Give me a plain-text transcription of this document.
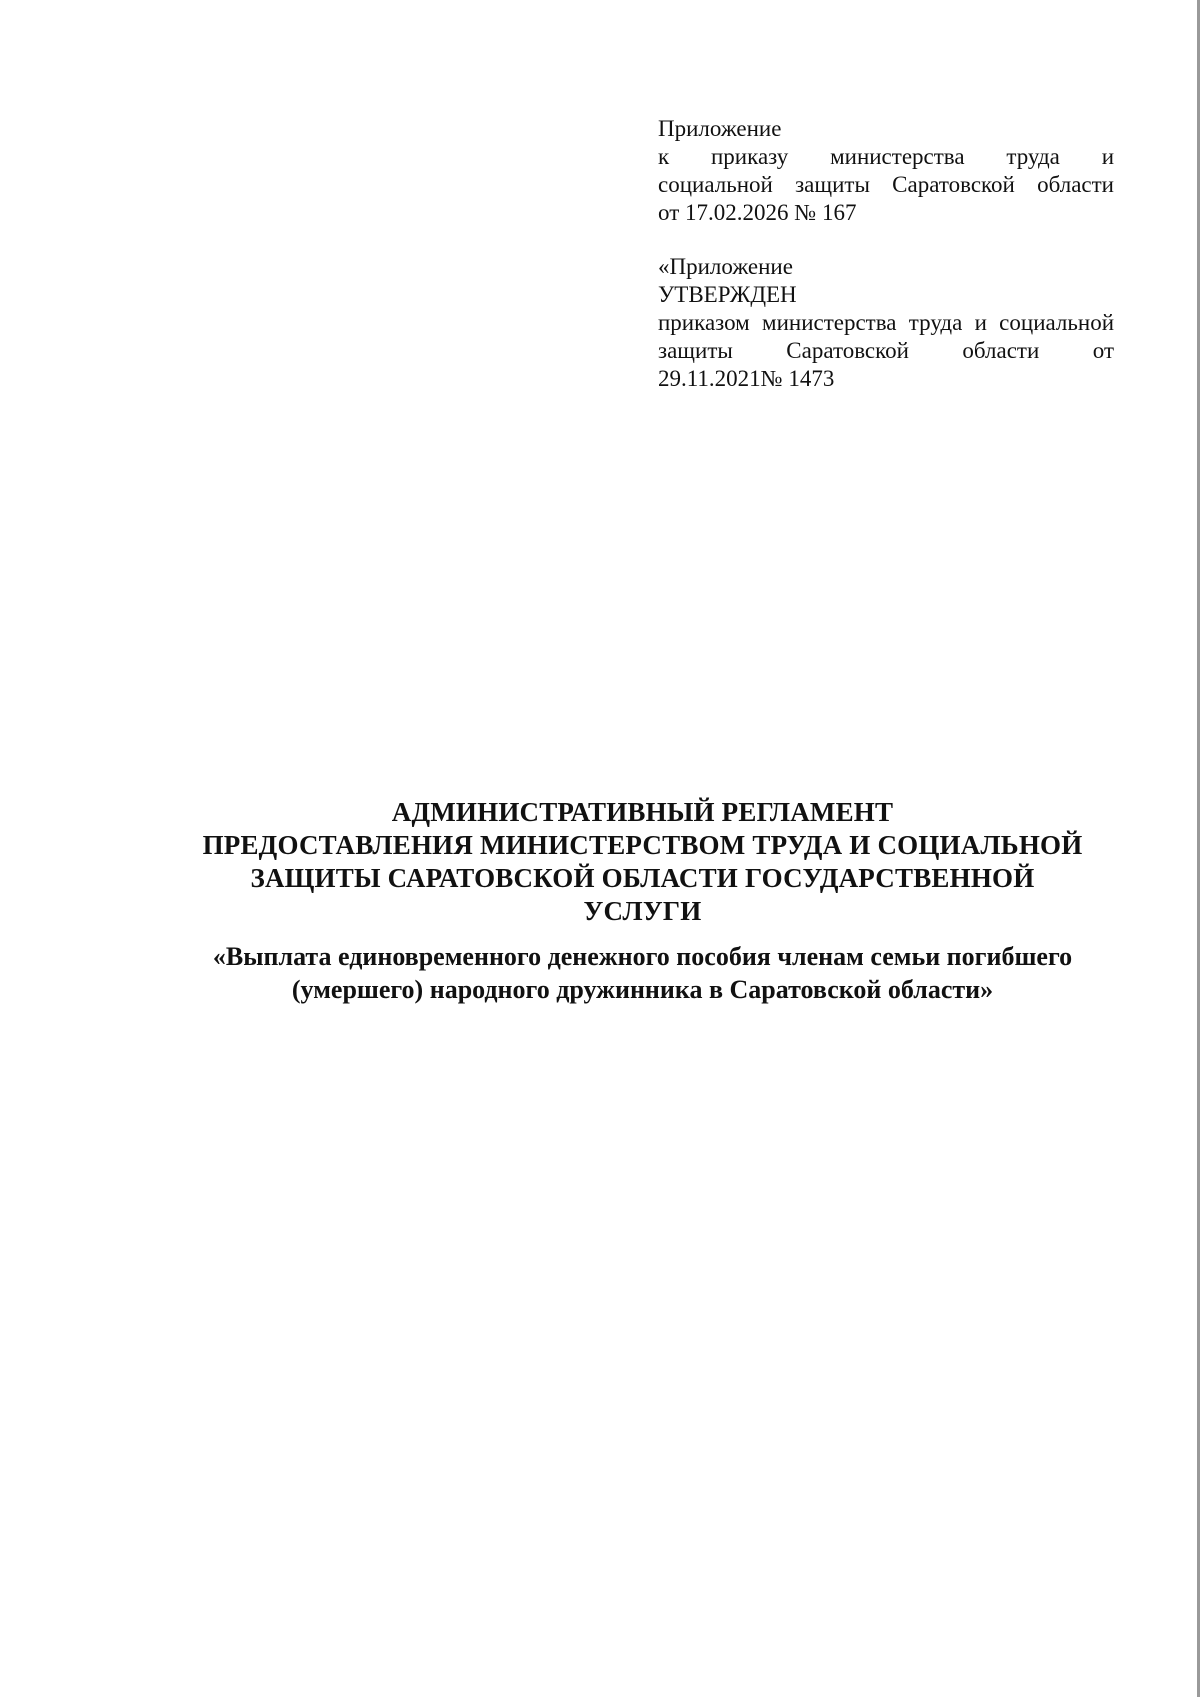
Приложение

к приказу министерства труда и

социальной защиты Саратовской области

от 17.02.2026 № 167

«Приложение

УТВЕРЖДЕН

приказом министерства труда и социальной

защиты Саратовской области от

29.11.2021№ 1473

АДМИНИСТРАТИВНЫЙ РЕГЛАМЕНТ

ПРЕДОСТАВЛЕНИЯ МИНИСТЕРСТВОМ ТРУДА И СОЦИАЛЬНОЙ

ЗАЩИТЫ САРАТОВСКОЙ ОБЛАСТИ ГОСУДАРСТВЕННОЙ

УСЛУГИ

«Выплата единовременного денежного пособия членам семьи погибшего

(умершего) народного дружинника в Саратовской области»
